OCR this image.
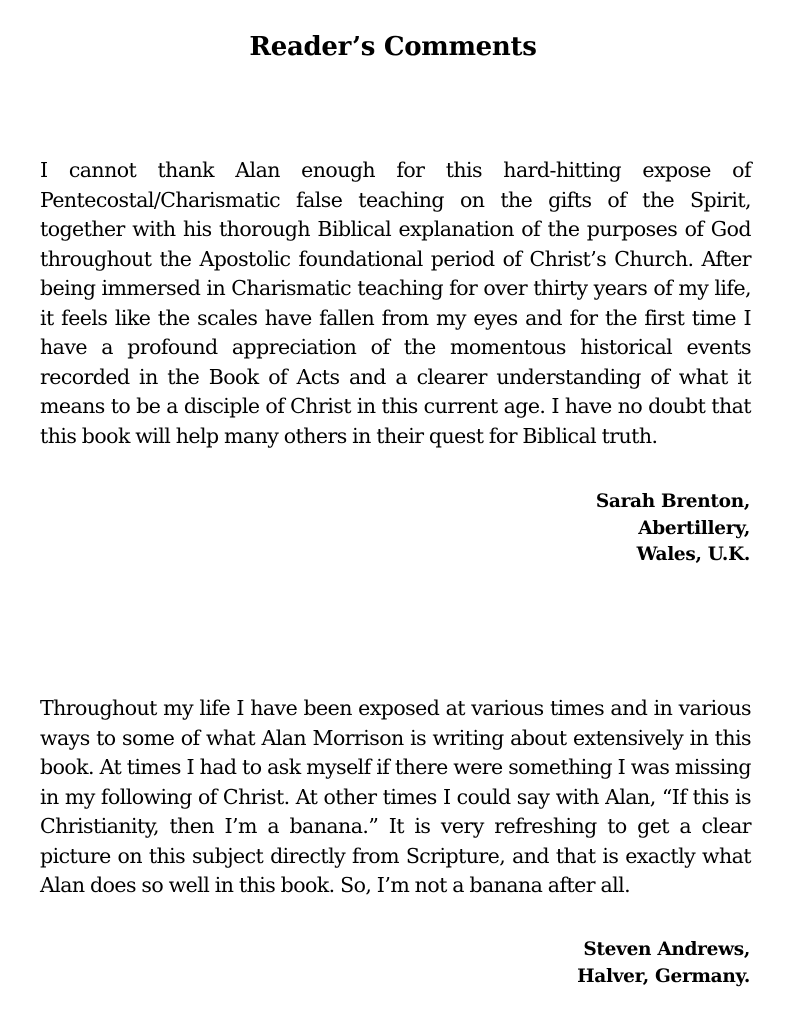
Reader’s Comments

I cannot thank Alan enough for this hard-hitting expose of Pentecostal/Charismatic false teaching on the gifts of the Spirit, together with his thorough Biblical explanation of the purposes of God throughout the Apostolic foundational period of Christ’s Church. After being immersed in Charismatic teaching for over thirty years of my life, it feels like the scales have fallen from my eyes and for the first time I have a profound appreciation of the momentous historical events recorded in the Book of Acts and a clearer understanding of what it means to be a disciple of Christ in this current age. I have no doubt that this book will help many others in their quest for Biblical truth.

Sarah Brenton,
Abertillery,
Wales, U.K.

Throughout my life I have been exposed at various times and in various ways to some of what Alan Morrison is writing about extensively in this book. At times I had to ask myself if there were something I was missing in my following of Christ. At other times I could say with Alan, “If this is Christianity, then I’m a banana.” It is very refreshing to get a clear picture on this subject directly from Scripture, and that is exactly what Alan does so well in this book. So, I’m not a banana after all.

Steven Andrews,
Halver, Germany.
